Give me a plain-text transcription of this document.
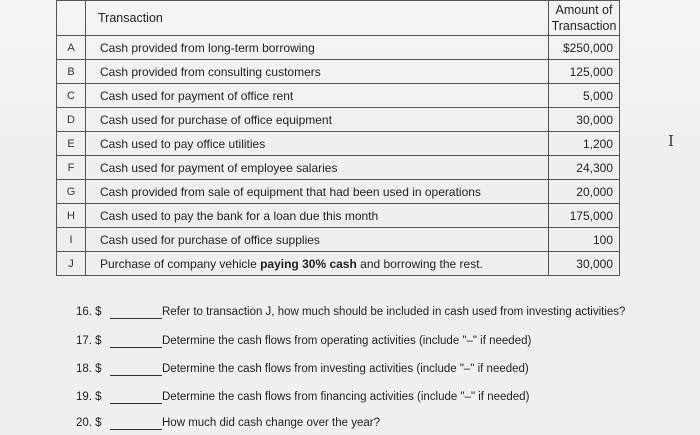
	Transaction	Amount of
Transaction

A	Cash provided from long-term borrowing	$250,000
B	Cash provided from consulting customers	125,000
C	Cash used for payment of office rent	5,000
D	Cash used for purchase of office equipment	30,000
E	Cash used to pay office utilities	1,200
F	Cash used for payment of employee salaries	24,300
G	Cash provided from sale of equipment that had been used in operations	20,000
H	Cash used to pay the bank for a loan due this month	175,000
I	Cash used for purchase of office supplies	100
J	Purchase of company vehicle paying 30% cash and borrowing the rest.	30,000
16. $	Refer to transaction J, how much should be included in cash used from investing activities?
17. $	Determine the cash flows from operating activities (include "–" if needed)
18. $	Determine the cash flows from investing activities (include "–" if needed)
19. $	Determine the cash flows from financing activities (include "–" if needed)
20. $	How much did cash change over the year?
I
